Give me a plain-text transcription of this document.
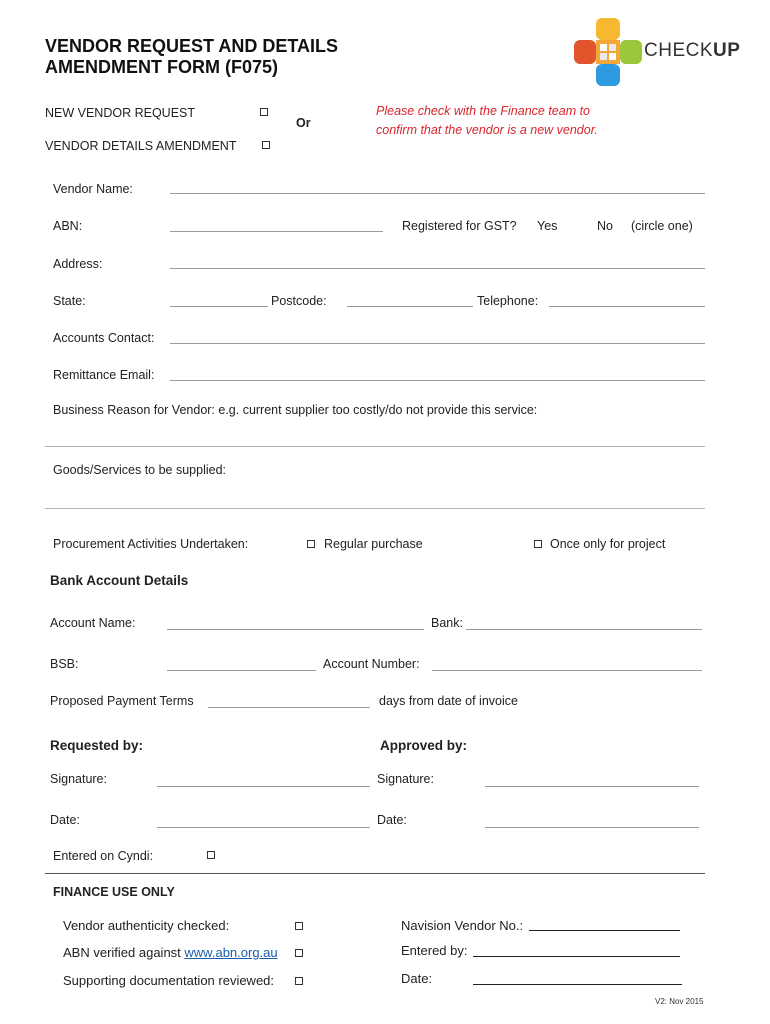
VENDOR REQUEST AND DETAILS
AMENDMENT FORM (F075)
CHECKUP
NEW VENDOR REQUEST
Or
VENDOR DETAILS AMENDMENT
Please check with the Finance team to
confirm that the vendor is a new vendor.
Vendor Name:
ABN:	Registered for GST? Yes	No (circle one)
Address:
State:	Postcode:	Telephone:
Accounts Contact:
Remittance Email:
Business Reason for Vendor: e.g. current supplier too costly/do not provide this service:
Goods/Services to be supplied:
Procurement Activities Undertaken:	Regular purchase	Once only for project
Bank Account Details
Account Name:	Bank:
BSB:	Account Number:
Proposed Payment Terms	days from date of invoice
Requested by:	Approved by:
Signature:	Signature:
Date:	Date:
Entered on Cyndi:
FINANCE USE ONLY
Vendor authenticity checked:	Navision Vendor No.:
ABN verified against www.abn.org.au	Entered by:
Supporting documentation reviewed:	Date:
V2: Nov 2015
